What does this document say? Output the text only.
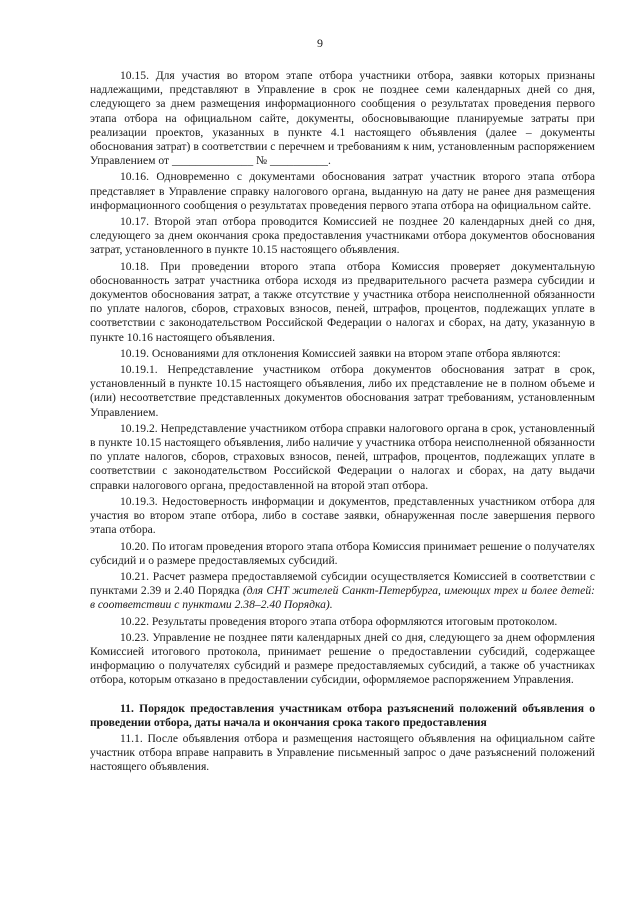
9

10.15. Для участия во втором этапе отбора участники отбора, заявки которых признаны надлежащими, представляют в Управление в срок не позднее семи календарных дней со дня, следующего за днем размещения информационного сообщения о результатах проведения первого этапа отбора на официальном сайте, документы, обосновывающие планируемые затраты при реализации проектов, указанных в пункте 4.1 настоящего объявления (далее – документы обоснования затрат) в соответствии с перечнем и требованиям к ним, установленным распоряжением Управлением от ______________ № __________.

10.16. Одновременно с документами обоснования затрат участник второго этапа отбора представляет в Управление справку налогового органа, выданную на дату не ранее дня размещения информационного сообщения о результатах проведения первого этапа отбора на официальном сайте.

10.17. Второй этап отбора проводится Комиссией не позднее 20 календарных дней со дня, следующего за днем окончания срока предоставления участниками отбора документов обоснования затрат, установленного в пункте 10.15 настоящего объявления.

10.18. При проведении второго этапа отбора Комиссия проверяет документальную обоснованность затрат участника отбора исходя из предварительного расчета размера субсидии и документов обоснования затрат, а также отсутствие у участника отбора неисполненной обязанности по уплате налогов, сборов, страховых взносов, пеней, штрафов, процентов, подлежащих уплате в соответствии с законодательством Российской Федерации о налогах и сборах, на дату, указанную в пункте 10.16 настоящего объявления.

10.19. Основаниями для отклонения Комиссией заявки на втором этапе отбора являются:

10.19.1. Непредставление участником отбора документов обоснования затрат в срок, установленный в пункте 10.15 настоящего объявления, либо их представление не в полном объеме и (или) несоответствие представленных документов обоснования затрат требованиям, установленным Управлением.

10.19.2. Непредставление участником отбора справки налогового органа в срок, установленный в пункте 10.15 настоящего объявления, либо наличие у участника отбора неисполненной обязанности по уплате налогов, сборов, страховых взносов, пеней, штрафов, процентов, подлежащих уплате в соответствии с законодательством Российской Федерации о налогах и сборах, на дату выдачи справки налогового органа, предоставленной на второй этап отбора.

10.19.3. Недостоверность информации и документов, представленных участником отбора для участия во втором этапе отбора, либо в составе заявки, обнаруженная после завершения первого этапа отбора.

10.20. По итогам проведения второго этапа отбора Комиссия принимает решение о получателях субсидий и о размере предоставляемых субсидий.

10.21. Расчет размера предоставляемой субсидии осуществляется Комиссией в соответствии с пунктами 2.39 и 2.40 Порядка (для СНТ жителей Санкт-Петербурга, имеющих трех и более детей: в соответствии с пунктами 2.38–2.40 Порядка).

10.22. Результаты проведения второго этапа отбора оформляются итоговым протоколом.

10.23. Управление не позднее пяти календарных дней со дня, следующего за днем оформления Комиссией итогового протокола, принимает решение о предоставлении субсидий, содержащее информацию о получателях субсидий и размере предоставляемых субсидий, а также об участниках отбора, которым отказано в предоставлении субсидии, оформляемое распоряжением Управления.

11. Порядок предоставления участникам отбора разъяснений положений объявления о проведении отбора, даты начала и окончания срока такого предоставления

11.1. После объявления отбора и размещения настоящего объявления на официальном сайте участник отбора вправе направить в Управление письменный запрос о даче разъяснений положений настоящего объявления.
